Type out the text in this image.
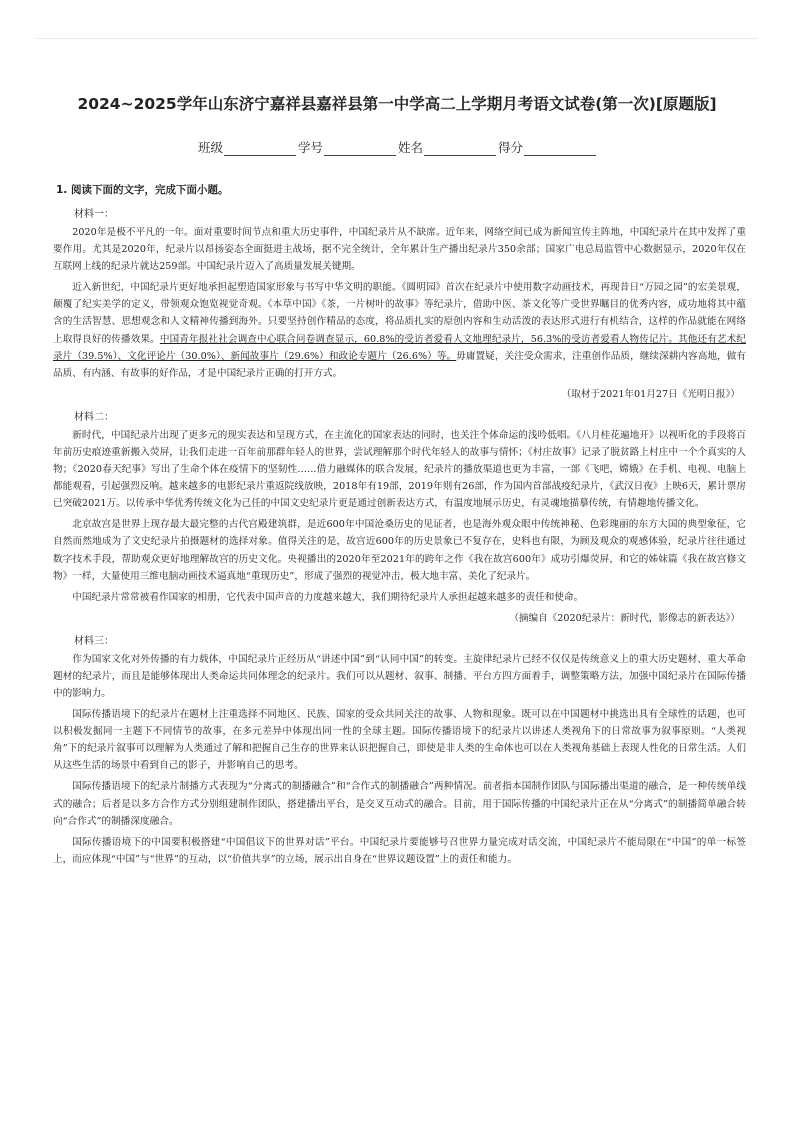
2024~2025学年山东济宁嘉祥县嘉祥县第一中学高二上学期月考语文试卷(第一次)[原题版]
班级	学号	姓名	得分
1. 阅读下面的文字，完成下面小题。
材料一：

2020年是极不平凡的一年。面对重要时间节点和重大历史事件，中国纪录片从不缺席。近年来，网络空间已成为新闻宣传主阵地，中国纪录片在其中发挥了重要作用。尤其是2020年，纪录片以昂扬姿态全面挺进主战场，据不完全统计，全年累计生产播出纪录片350余部；国家广电总局监管中心数据显示，2020年仅在互联网上线的纪录片就达259部。中国纪录片迈入了高质量发展关键期。

近入新世纪，中国纪录片更好地承担起塑造国家形象与书写中华文明的职能。《圆明园》首次在纪录片中使用数字动画技术，再现昔日“万园之园”的宏美景观，颠覆了纪实美学的定义，带领观众饱览视觉奇观。《本草中国》《茶，一片树叶的故事》等纪录片，借助中医、茶文化等广受世界瞩目的优秀内容，成功地将其中蕴含的生活智慧、思想观念和人文精神传播到海外。只要坚持创作精品的态度，将品质扎实的原创内容和生动活泼的表达形式进行有机结合，这样的作品就能在网络上取得良好的传播效果。中国青年报社社会调查中心联合问卷调查显示，60.8%的受访者爱看人文地理纪录片，56.3%的受访者爱看人物传记片。其他还有艺术纪录片（39.5%）、文化评论片（30.0%）、新闻故事片（29.6%）和政论专题片（26.6%）等。毋庸置疑，关注受众需求，注重创作品质，继续深耕内容高地，做有品质、有内涵、有故事的好作品，才是中国纪录片正确的打开方式。

（取材于2021年01月27日《光明日报》）
材料二：

新时代，中国纪录片出现了更多元的现实表达和呈现方式，在主流化的国家表达的同时，也关注个体命运的浅吟低唱。《八月桂花遍地开》以视听化的手段将百年前历史痕迹重新搬入荧屏，让我们走进一百年前那群年轻人的世界，尝试理解那个时代年轻人的故事与情怀；《村庄故事》记录了脱贫路上村庄中一个个真实的人物；《2020春天纪事》写出了生命个体在疫情下的坚韧性……借力融媒体的联合发展，纪录片的播放渠道也更为丰富，一部《飞吧，嫦娥》在手机、电视、电脑上都能观看，引起强烈反响。越来越多的电影纪录片重返院线放映，2018年有19部，2019年则有26部，作为国内首部战疫纪录片，《武汉日夜》上映6天，累计票房已突破2021万。以传承中华优秀传统文化为己任的中国文史纪录片更是通过创新表达方式，有温度地展示历史，有灵魂地描摹传统，有情趣地传播文化。

北京故宫是世界上现存最大最完整的古代宫殿建筑群，是近600年中国沧桑历史的见证者，也是海外观众眼中传统神秘、色彩瑰丽的东方大国的典型象征，它自然而然地成为了文史纪录片拍摄题材的选择对象。值得关注的是，故宫近600年的历史景象已不复存在，史料也有限，为顾及观众的观感体验，纪录片往往通过数字技术手段，帮助观众更好地理解故宫的历史文化。央视播出的2020年至2021年的跨年之作《我在故宫600年》成功引爆荧屏，和它的姊妹篇《我在故宫修文物》一样，大量使用三维电脑动画技术逼真地“重现历史”，形成了强烈的视觉冲击，极大地丰富、美化了纪录片。

中国纪录片常常被看作国家的相册，它代表中国声音的力度越来越大，我们期待纪录片人承担起越来越多的责任和使命。

（摘编自《2020纪录片：新时代，影像志的新表达》）
材料三：

作为国家文化对外传播的有力载体，中国纪录片正经历从“讲述中国”到“认同中国”的转变。主旋律纪录片已经不仅仅是传统意义上的重大历史题材、重大革命题材的纪录片，而且是能够体现出人类命运共同体理念的纪录片。我们可以从题材、叙事、制播、平台方四方面着手，调整策略方法，加强中国纪录片在国际传播中的影响力。

国际传播语境下的纪录片在题材上注重选择不同地区、民族、国家的受众共同关注的故事、人物和现象。既可以在中国题材中挑选出具有全球性的话题，也可以积极发掘同一主题下不同情节的故事，在多元差异中体现出同一性的全球主题。国际传播语境下的纪录片以讲述人类视角下的日常故事为叙事原则。“人类视角”下的纪录片叙事可以理解为人类通过了解和把握自己生存的世界来认识把握自己，即使是非人类的生命体也可以在人类视角基础上表现人性化的日常生活。人们从这些生活的场景中看到自己的影子，并影响自己的思考。

国际传播语境下的纪录片制播方式表现为“分离式的制播融合”和“合作式的制播融合”两种情况。前者指本国制作团队与国际播出渠道的融合，是一种传统单线式的融合；后者是以多方合作方式分别组建制作团队，搭建播出平台，是交叉互动式的融合。目前，用于国际传播的中国纪录片正在从“分离式”的制播简单融合转向“合作式”的制播深度融合。

国际传播语境下的中国要积极搭建“中国倡议下的世界对话”平台。中国纪录片要能够号召世界力量完成对话交流，中国纪录片不能局限在“中国”的单一标签上，而应体现“中国”与“世界”的互动，以“价值共享”的立场，展示出自身在“世界议题设置”上的责任和能力。
